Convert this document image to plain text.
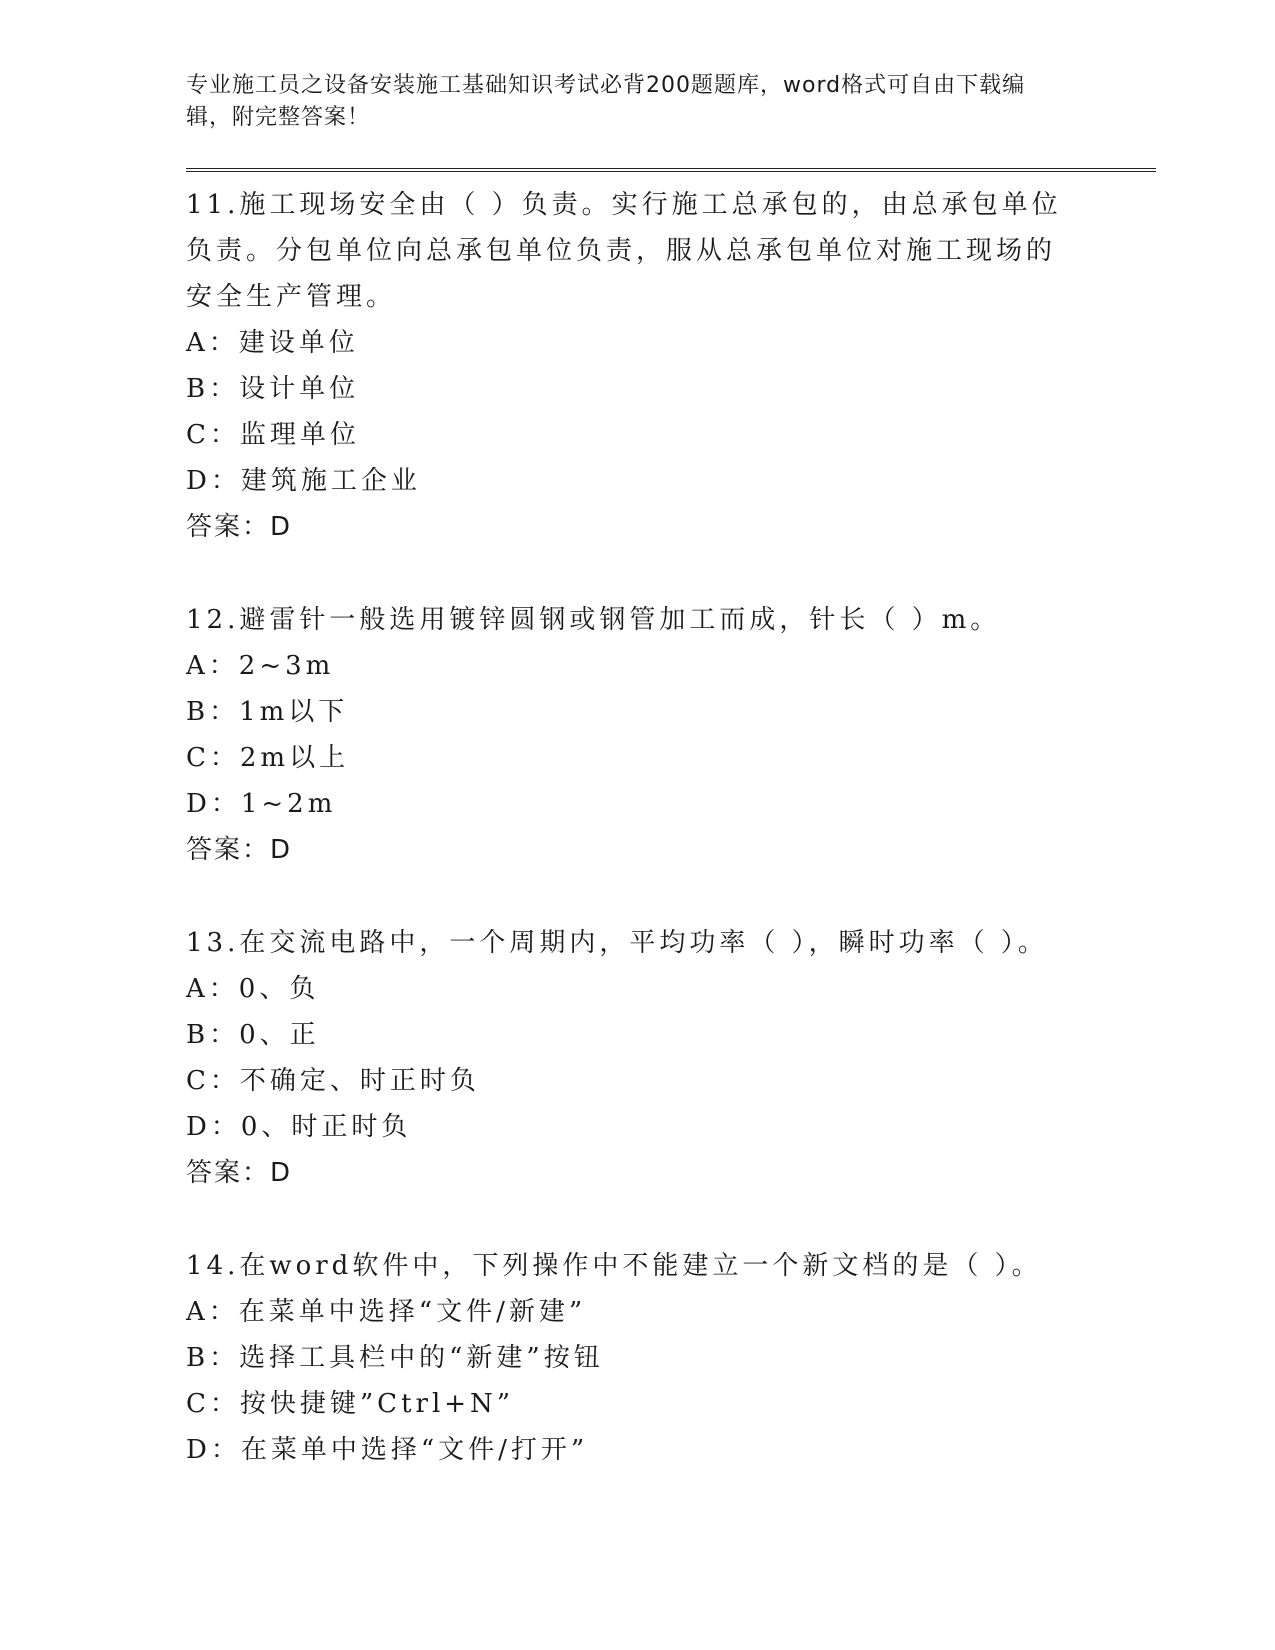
专业施工员之设备安装施工基础知识考试必背200题题库，word格式可自由下载编辑，附完整答案！

11.施工现场安全由（ ）负责。实行施工总承包的，由总承包单位负责。分包单位向总承包单位负责，服从总承包单位对施工现场的安全生产管理。

A：建设单位

B：设计单位

C：监理单位

D：建筑施工企业

答案：D

12.避雷针一般选用镀锌圆钢或钢管加工而成，针长（ ）m。

A：2~3m

B：1m以下

C：2m以上

D：1~2m

答案：D

13.在交流电路中，一个周期内，平均功率（ ），瞬时功率（ ）。

A：0、负

B：0、正

C：不确定、时正时负

D：0、时正时负

答案：D

14.在word软件中，下列操作中不能建立一个新文档的是（ ）。

A：在菜单中选择“文件/新建”

B：选择工具栏中的“新建”按钮

C：按快捷键”Ctrl+N”

D：在菜单中选择“文件/打开”
